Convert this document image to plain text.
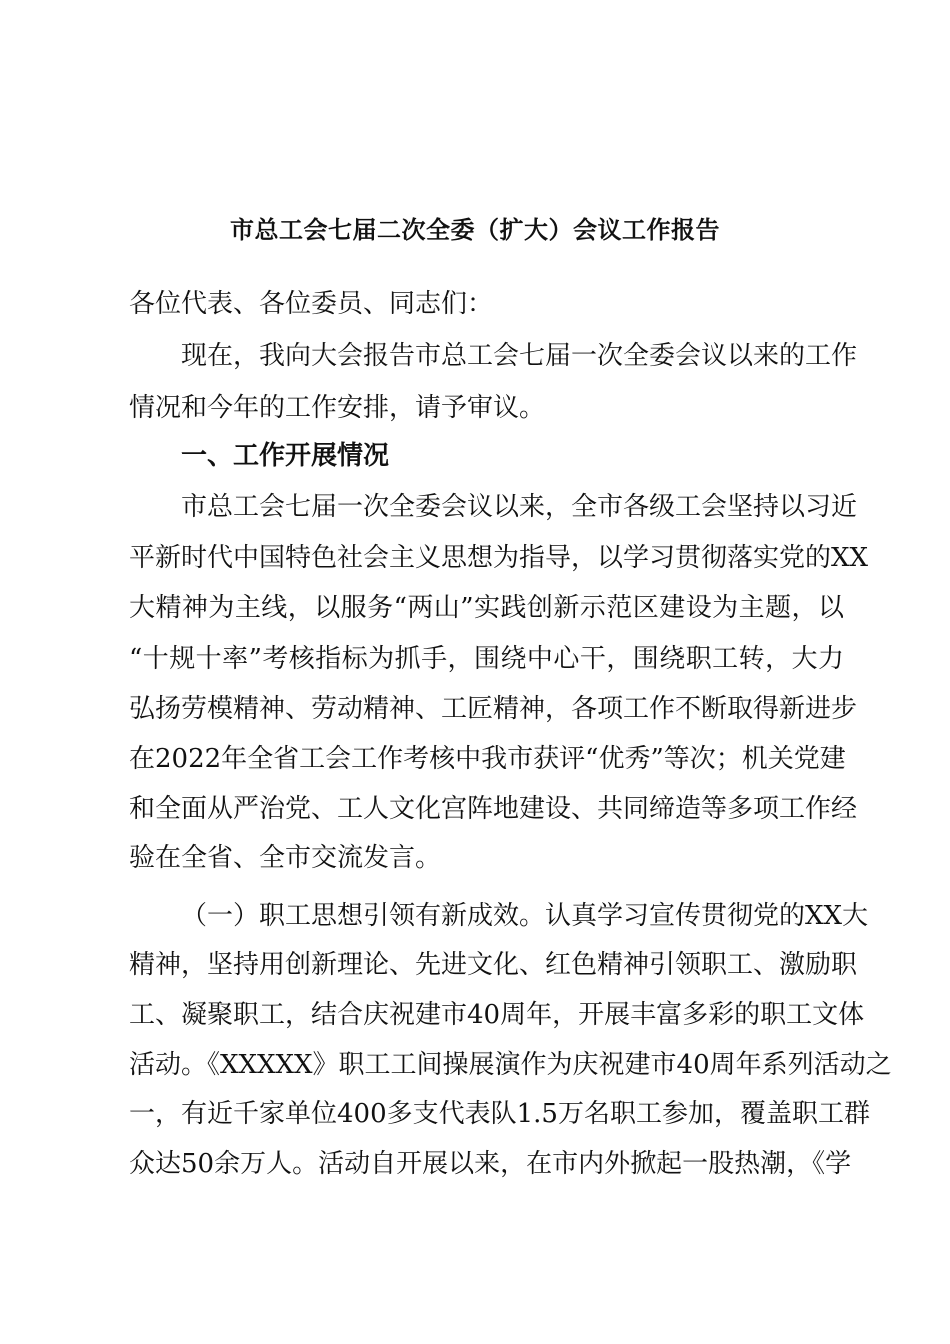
市总工会七届二次全委（扩大）会议工作报告
各位代表、各位委员、同志们：
现在，我向大会报告市总工会七届一次全委会议以来的工作
情况和今年的工作安排，请予审议。
一、工作开展情况
市总工会七届一次全委会议以来，全市各级工会坚持以习近
平新时代中国特色社会主义思想为指导，以学习贯彻落实党的XX
大精神为主线，以服务“两山”实践创新示范区建设为主题，以
“十规十率”考核指标为抓手，围绕中心干，围绕职工转，大力
弘扬劳模精神、劳动精神、工匠精神，各项工作不断取得新进步
在2022年全省工会工作考核中我市获评“优秀”等次；机关党建
和全面从严治党、工人文化宫阵地建设、共同缔造等多项工作经
验在全省、全市交流发言。
（一）职工思想引领有新成效。认真学习宣传贯彻党的XX大
精神，坚持用创新理论、先进文化、红色精神引领职工、激励职
工、凝聚职工，结合庆祝建市40周年，开展丰富多彩的职工文体
活动。《XXXXX》职工工间操展演作为庆祝建市40周年系列活动之
一，有近千家单位400多支代表队1.5万名职工参加，覆盖职工群
众达50余万人。活动自开展以来，在市内外掀起一股热潮，《学
